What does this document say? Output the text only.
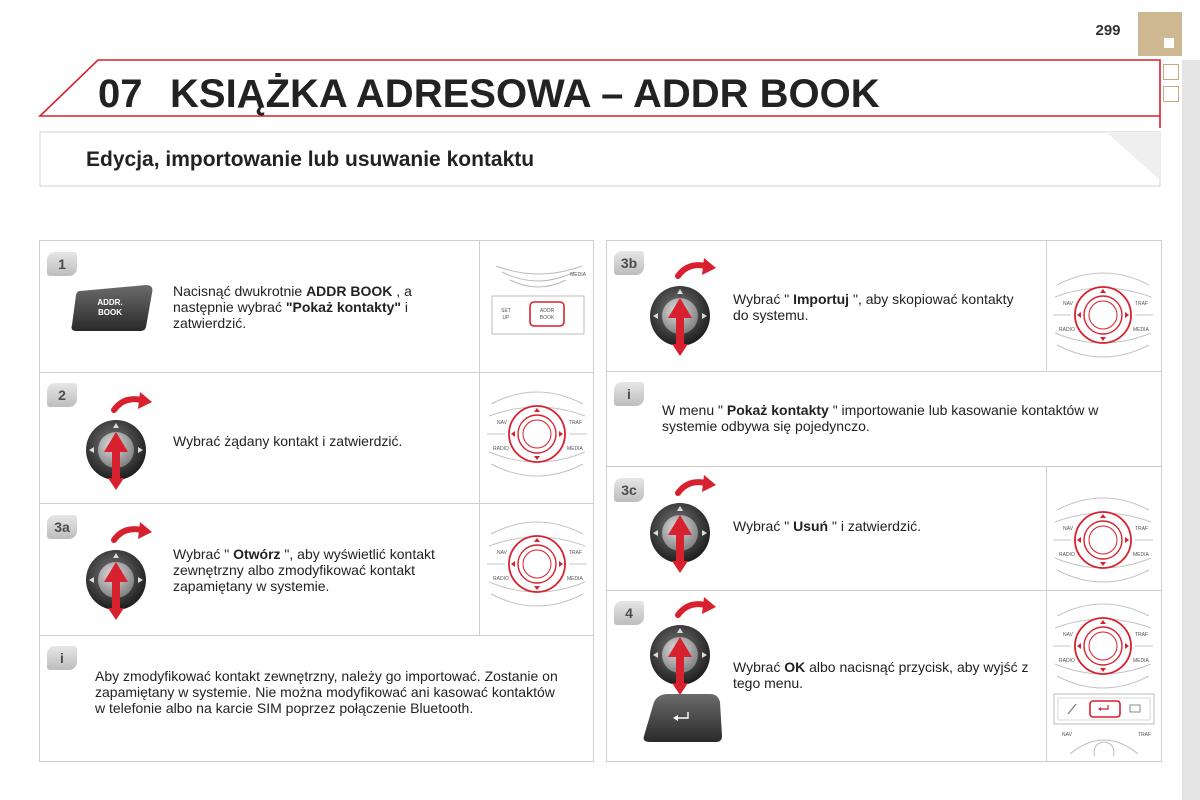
299
07 KSIĄŻKA ADRESOWA – ADDR BOOK
Edycja, importowanie lub usuwanie kontaktu
1
ADDR.
BOOK
Nacisnąć dwukrotnie ADDR BOOK , a następnie wybrać "Pokaż kontakty" i zatwierdzić.
ADDR
BOOK
SET
UP
MEDIA
2
Wybrać żądany kontakt i zatwierdzić.
NAV	TRAF
RADIO	MEDIA
3a
Wybrać " Otwórz ", aby wyświetlić kontakt zewnętrzny albo zmodyfikować kontakt zapamiętany w systemie.
NAV	TRAF
RADIO	MEDIA
i
Aby zmodyfikować kontakt zewnętrzny, należy go importować. Zostanie on zapamiętany w systemie. Nie można modyfikować ani kasować kontaktów w telefonie albo na karcie SIM poprzez połączenie Bluetooth.
3b
Wybrać " Importuj ", aby skopiować kontakty do systemu.
NAV	TRAF
RADIO	MEDIA
i
W menu " Pokaż kontakty " importowanie lub kasowanie kontaktów w systemie odbywa się pojedynczo.
3c
Wybrać " Usuń " i zatwierdzić.	NAV	TRAF
RADIO	MEDIA
4
Wybrać OK albo nacisnąć przycisk, aby wyjść z tego menu.
NAV	TRAF
RADIO	MEDIA
NAV	TRAF
